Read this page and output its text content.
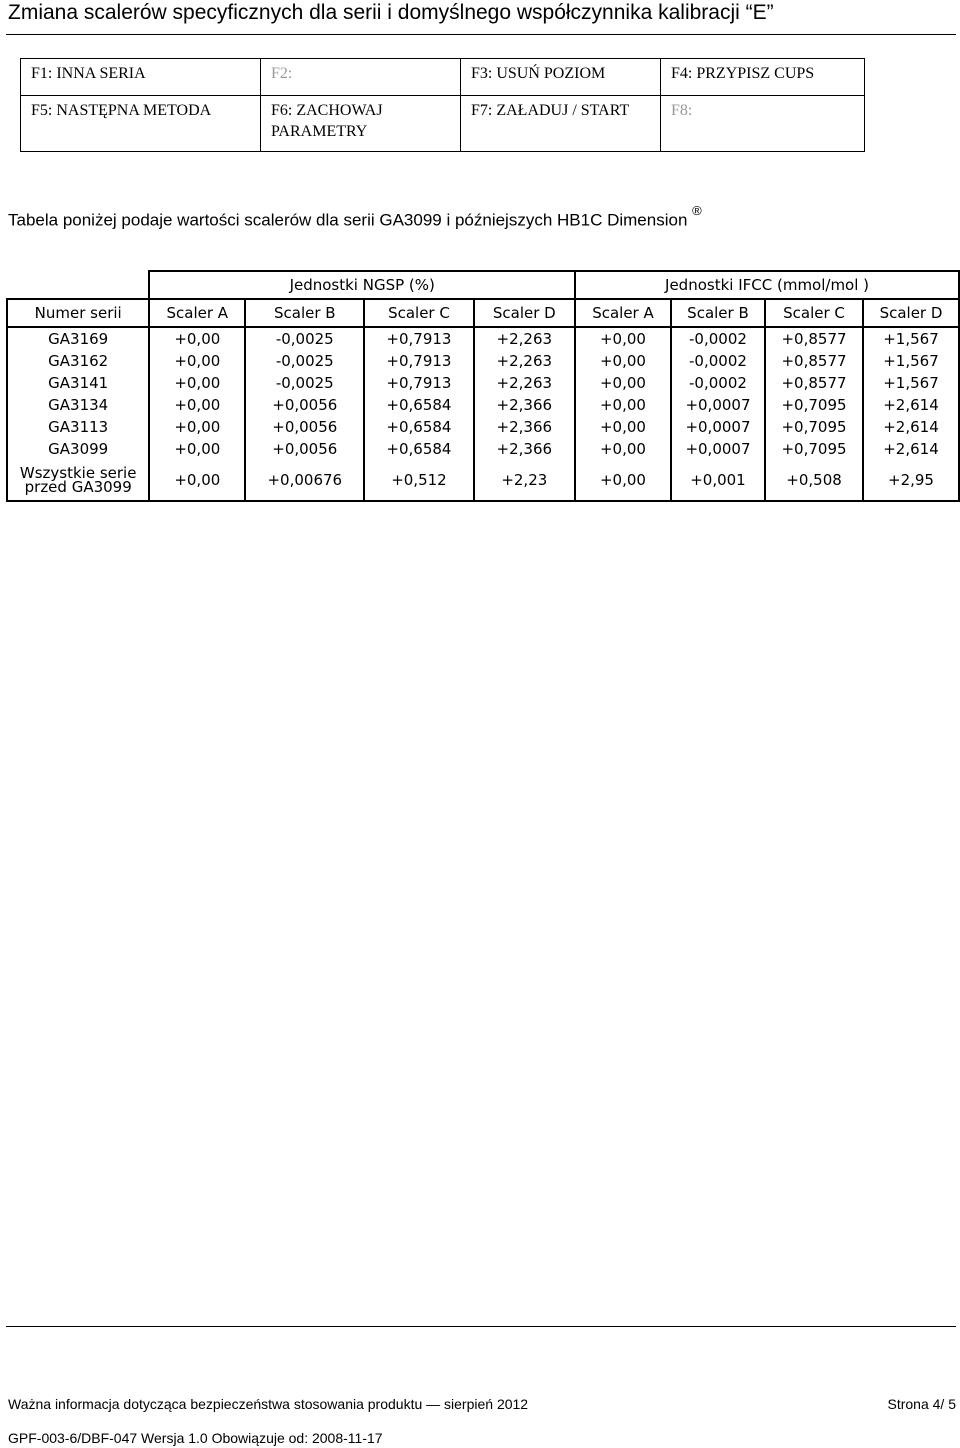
Zmiana scalerów specyficznych dla serii i domyślnego współczynnika kalibracji “E”
F1: INNA SERIA	F2:	F3: USUŃ POZIOM	F4: PRZYPISZ CUPS
F5: NASTĘPNA METODA	F6: ZACHOWAJ PARAMETRY	F7: ZAŁADUJ / START	F8:
Tabela poniżej podaje wartości scalerów dla serii GA3099 i późniejszych HB1C Dimension ®
	Jednostki NGSP (%)				Jednostki IFCC (mmol/mol )			
Numer serii	Scaler A	Scaler B	Scaler C	Scaler D	Scaler A	Scaler B	Scaler C	Scaler D
GA3169	+0,00	-0,0025	+0,7913	+2,263	+0,00	-0,0002	+0,8577	+1,567
GA3162	+0,00	-0,0025	+0,7913	+2,263	+0,00	-0,0002	+0,8577	+1,567
GA3141	+0,00	-0,0025	+0,7913	+2,263	+0,00	-0,0002	+0,8577	+1,567
GA3134	+0,00	+0,0056	+0,6584	+2,366	+0,00	+0,0007	+0,7095	+2,614
GA3113	+0,00	+0,0056	+0,6584	+2,366	+0,00	+0,0007	+0,7095	+2,614
GA3099	+0,00	+0,0056	+0,6584	+2,366	+0,00	+0,0007	+0,7095	+2,614
Wszystkie serie
przed GA3099	+0,00	+0,00676	+0,512	+2,23	+0,00	+0,001	+0,508	+2,95
Ważna informacja dotycząca bezpieczeństwa stosowania produktu — sierpień 2012	Strona 4/ 5
GPF-003-6/DBF-047 Wersja 1.0 Obowiązuje od: 2008-11-17
